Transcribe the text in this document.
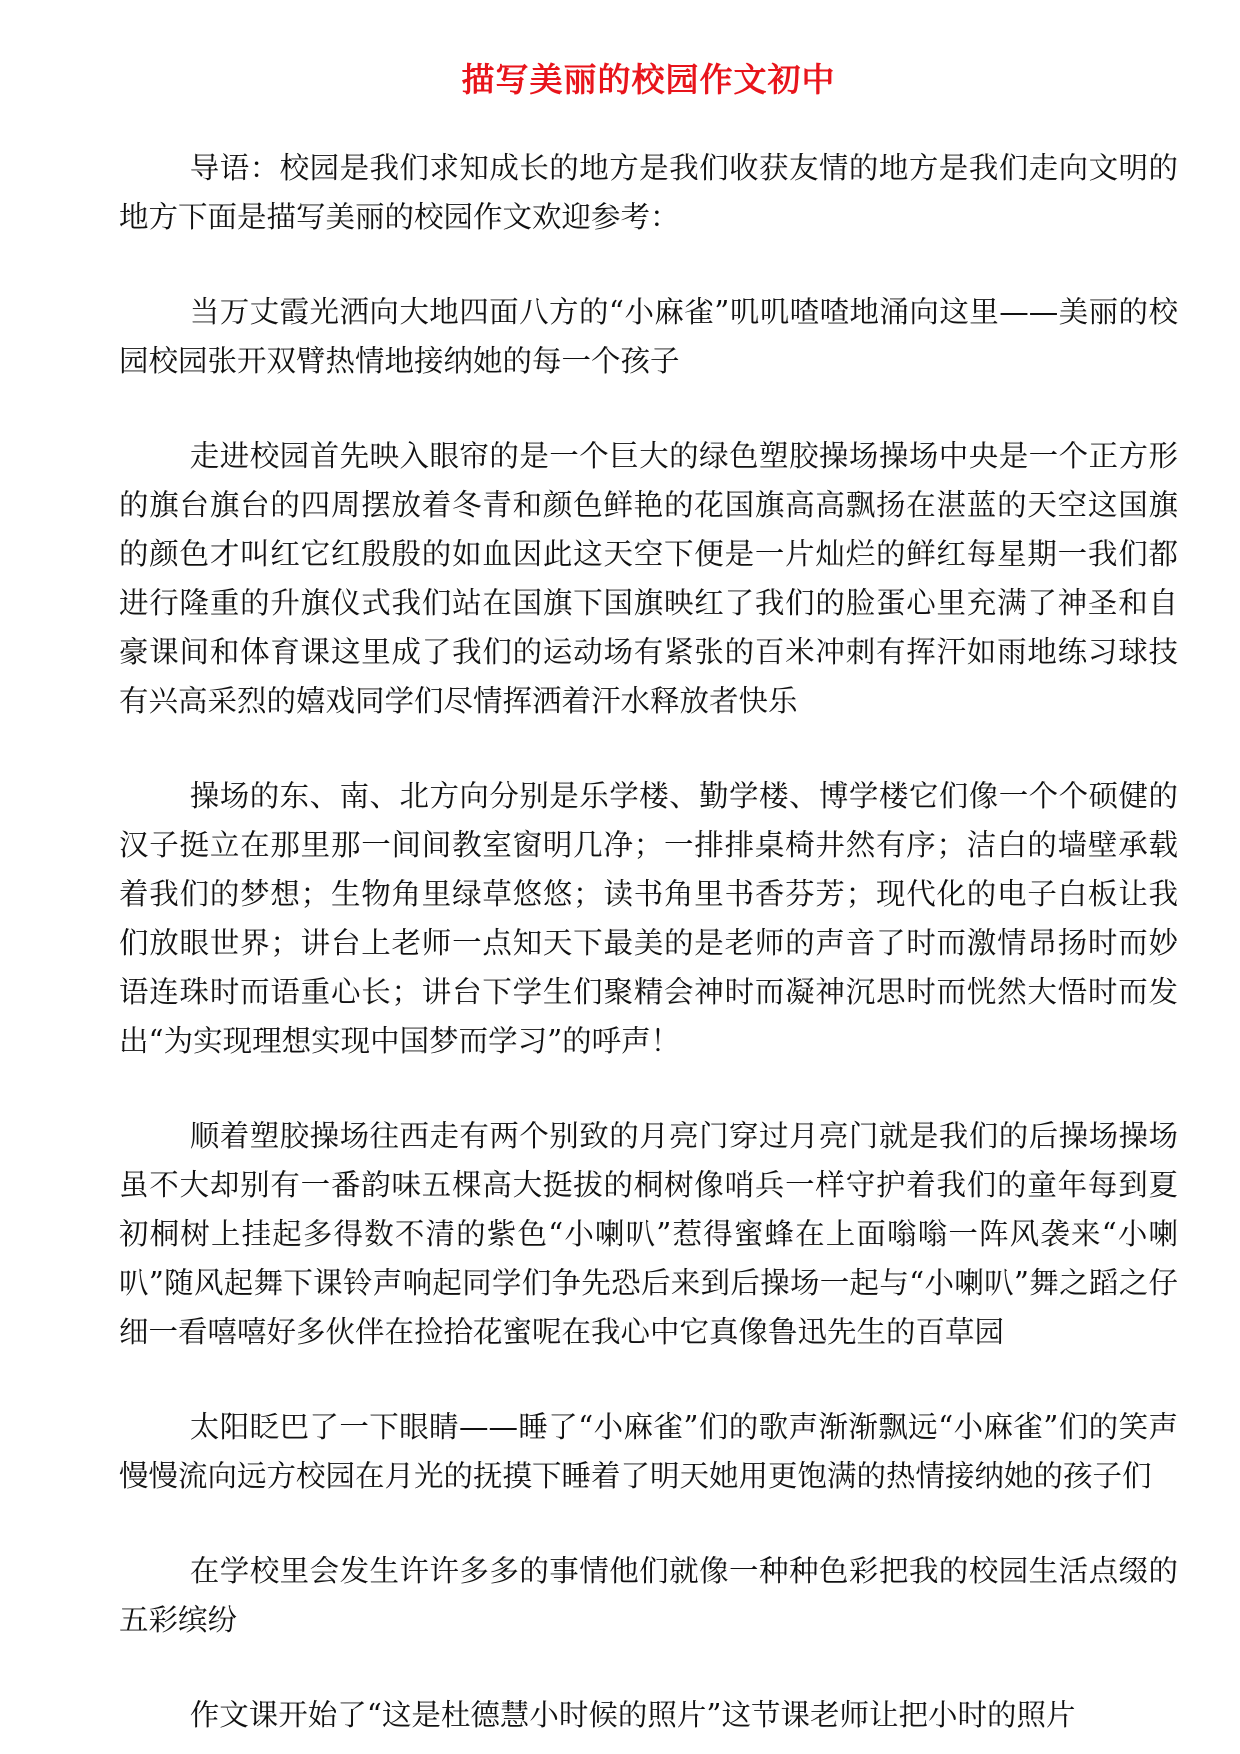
描写美丽的校园作文初中

导语：校园是我们求知成长的地方是我们收获友情的地方是我们走向文明的地方下面是描写美丽的校园作文欢迎参考：

当万丈霞光洒向大地四面八方的“小麻雀”叽叽喳喳地涌向这里——美丽的校园校园张开双臂热情地接纳她的每一个孩子

走进校园首先映入眼帘的是一个巨大的绿色塑胶操场操场中央是一个正方形的旗台旗台的四周摆放着冬青和颜色鲜艳的花国旗高高飘扬在湛蓝的天空这国旗的颜色才叫红它红殷殷的如血因此这天空下便是一片灿烂的鲜红每星期一我们都进行隆重的升旗仪式我们站在国旗下国旗映红了我们的脸蛋心里充满了神圣和自豪课间和体育课这里成了我们的运动场有紧张的百米冲刺有挥汗如雨地练习球技有兴高采烈的嬉戏同学们尽情挥洒着汗水释放者快乐

操场的东、南、北方向分别是乐学楼、勤学楼、博学楼它们像一个个硕健的汉子挺立在那里那一间间教室窗明几净；一排排桌椅井然有序；洁白的墙壁承载着我们的梦想；生物角里绿草悠悠；读书角里书香芬芳；现代化的电子白板让我们放眼世界；讲台上老师一点知天下最美的是老师的声音了时而激情昂扬时而妙语连珠时而语重心长；讲台下学生们聚精会神时而凝神沉思时而恍然大悟时而发出“为实现理想实现中国梦而学习”的呼声！

顺着塑胶操场往西走有两个别致的月亮门穿过月亮门就是我们的后操场操场虽不大却别有一番韵味五棵高大挺拔的桐树像哨兵一样守护着我们的童年每到夏初桐树上挂起多得数不清的紫色“小喇叭”惹得蜜蜂在上面嗡嗡一阵风袭来“小喇叭”随风起舞下课铃声响起同学们争先恐后来到后操场一起与“小喇叭”舞之蹈之仔细一看嘻嘻好多伙伴在捡拾花蜜呢在我心中它真像鲁迅先生的百草园

太阳眨巴了一下眼睛——睡了“小麻雀”们的歌声渐渐飘远“小麻雀”们的笑声慢慢流向远方校园在月光的抚摸下睡着了明天她用更饱满的热情接纳她的孩子们

在学校里会发生许许多多的事情他们就像一种种色彩把我的校园生活点缀的五彩缤纷

作文课开始了“这是杜德慧小时候的照片”这节课老师让把小时的照片
